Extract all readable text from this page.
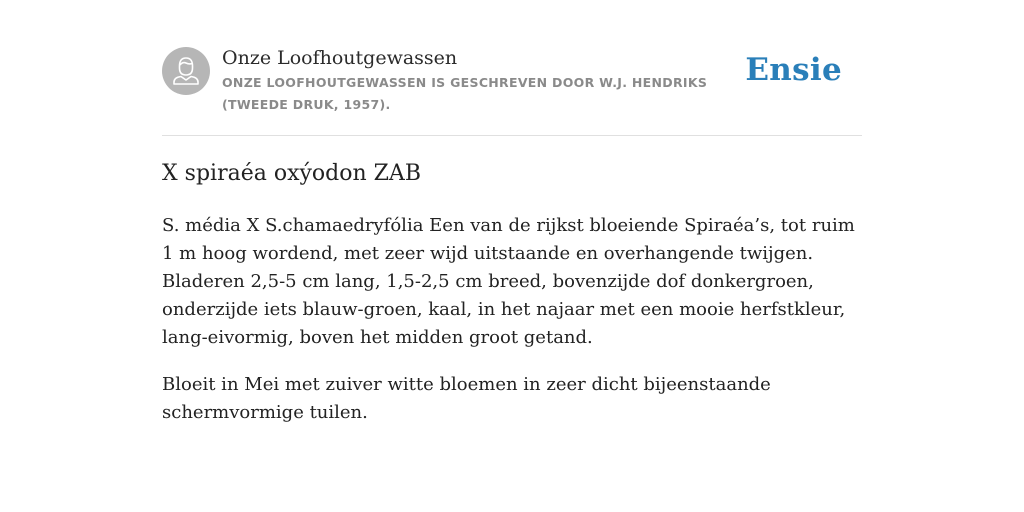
Onze Loofhoutgewassen
ONZE LOOFHOUTGEWASSEN IS GESCHREVEN DOOR W.J. HENDRIKS (TWEEDE DRUK, 1957).
Ensie
X spiraéa oxýodon ZAB

S. média X S.chamaedryfólia Een van de rijkst bloeiende Spiraéa’s, tot ruim 1 m hoog wordend, met zeer wijd uitstaande en overhangende twijgen. Bladeren 2,5-5 cm lang, 1,5-2,5 cm breed, bovenzijde dof donkergroen, onderzijde iets blauw-groen, kaal, in het najaar met een mooie herfstkleur, lang-eivormig, boven het midden groot getand.

Bloeit in Mei met zuiver witte bloemen in zeer dicht bijeenstaande schermvormige tuilen.
